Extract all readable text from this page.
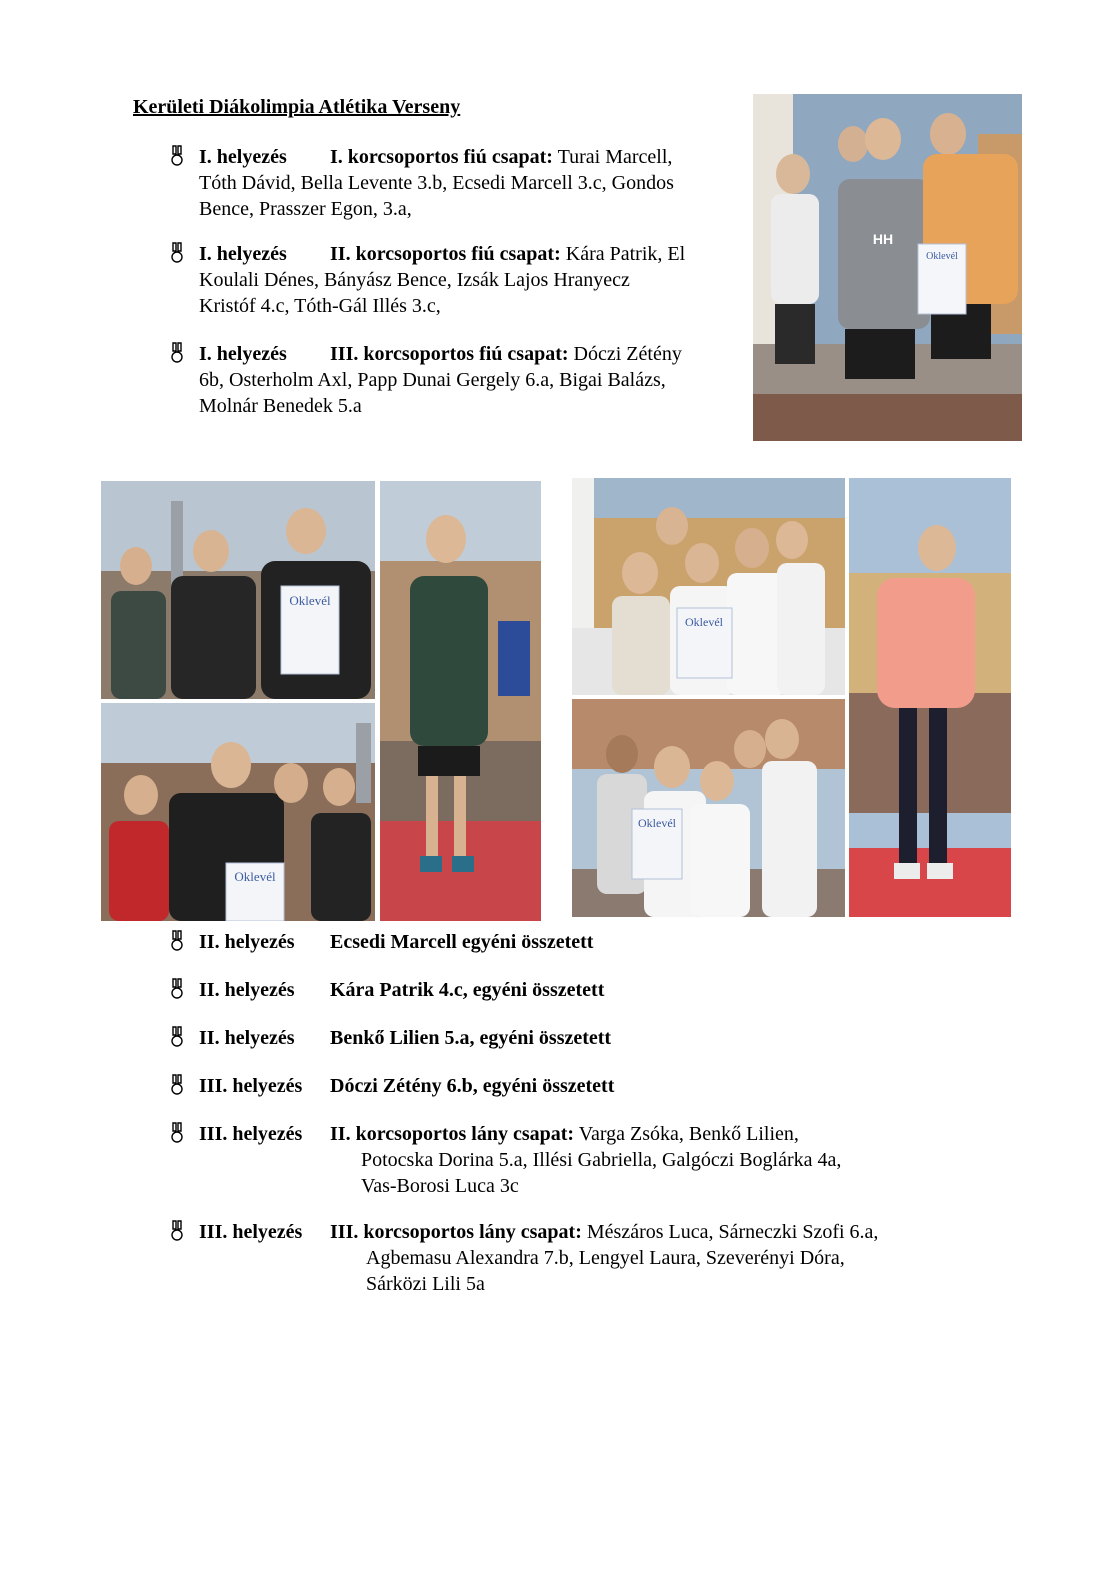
Kerületi Diákolimpia Atlétika Verseny
I. helyezés I. korcsoportos fiú csapat: Turai Marcell,
Tóth Dávid, Bella Levente 3.b, Ecsedi Marcell 3.c, Gondos
Bence, Prasszer Egon, 3.a,
I. helyezés II. korcsoportos fiú csapat: Kára Patrik, El
Koulali Dénes, Bányász Bence, Izsák Lajos Hranyecz
Kristóf 4.c, Tóth-Gál Illés 3.c,
I. helyezés III. korcsoportos fiú csapat: Dóczi Zétény
6b, Osterholm Axl, Papp Dunai Gergely 6.a, Bigai Balázs,
Molnár Benedek 5.a
Oklevél
HH
Oklevél
Oklevél
Oklevél
Oklevél
II. helyezés Ecsedi Marcell egyéni összetett
II. helyezés Kára Patrik 4.c, egyéni összetett
II. helyezés Benkő Lilien 5.a, egyéni összetett
III. helyezés Dóczi Zétény 6.b, egyéni összetett
III. helyezés II. korcsoportos lány csapat: Varga Zsóka, Benkő Lilien,
Potocska Dorina 5.a, Illési Gabriella, Galgóczi Boglárka 4a,
Vas-Borosi Luca 3c
III. helyezés III. korcsoportos lány csapat: Mészáros Luca, Sárneczki Szofi 6.a,
Agbemasu Alexandra 7.b, Lengyel Laura, Szeverényi Dóra,
Sárközi Lili 5a
